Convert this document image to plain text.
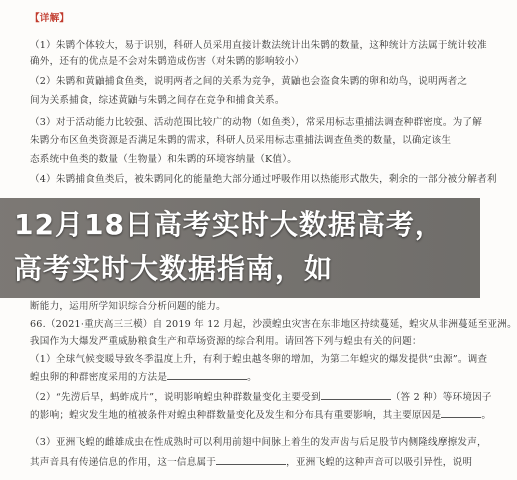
【详解】
（1）朱鹮个体较大，易于识别，科研人员采用直接计数法统计出朱鹮的数量，这种统计方法属于统计较准
确外，还有的优点是不会对朱鹮造成伤害（对朱鹮的影响较小）
（2）朱鹮和黄鼬捕食鱼类，说明两者之间的关系为竞争，黄鼬也会盗食朱鹮的卵和幼鸟，说明两者之
间为关系捕食，综述黄鼬与朱鹮之间存在竞争和捕食关系。
（3）对于活动能力比较强、活动范围比较广的动物（如鱼类），常采用标志重捕法调查种群密度。为了解
朱鹮分布区鱼类资源是否满足朱鹮的需求，科研人员采用标志重捕法调查鱼类的数量，以确定该生
态系统中鱼类的数量（生物量）和朱鹮的环境容纳量（K值）。
（4）朱鹮捕食鱼类后，被朱鹮同化的能量绝大部分通过呼吸作用以热能形式散失，剩余的一部分被分解者利
12月18日高考实时大数据高考，高考实时大数据指南，如
断能力，运用所学知识综合分析问题的能力。
66.（2021·重庆高三三模）自 2019 年 12 月起，沙漠蝗虫灾害在东非地区持续蔓延，蝗灾从非洲蔓延至亚洲。
我国作为大爆发严重威胁粮食生产和草场资源的综合利用。请回答下列与蝗虫有关的问题：
（1）全球气候变暖导致冬季温度上升，有利于蝗虫越冬卵的增加，为第二年蝗灾的爆发提供“虫源”。调查
蝗虫卵的种群密度采用的方法是	。
（2）“先涝后旱，蚂蚱成片”，说明影响蝗虫种群数量变化主要受到	（答 2 种）等环境因子
的影响；蝗灾发生地的植被条件对蝗虫种群数量变化及发生和分布具有重要影响，其主要原因是	。
（3）亚洲飞蝗的雌雄成虫在性成熟时可以利用前翅中间脉上着生的发声齿与后足股节内侧隆线摩擦发声，
其声音具有传递信息的作用，这一信息属于	，亚洲飞蝗的这种声音可以吸引异性，说明
